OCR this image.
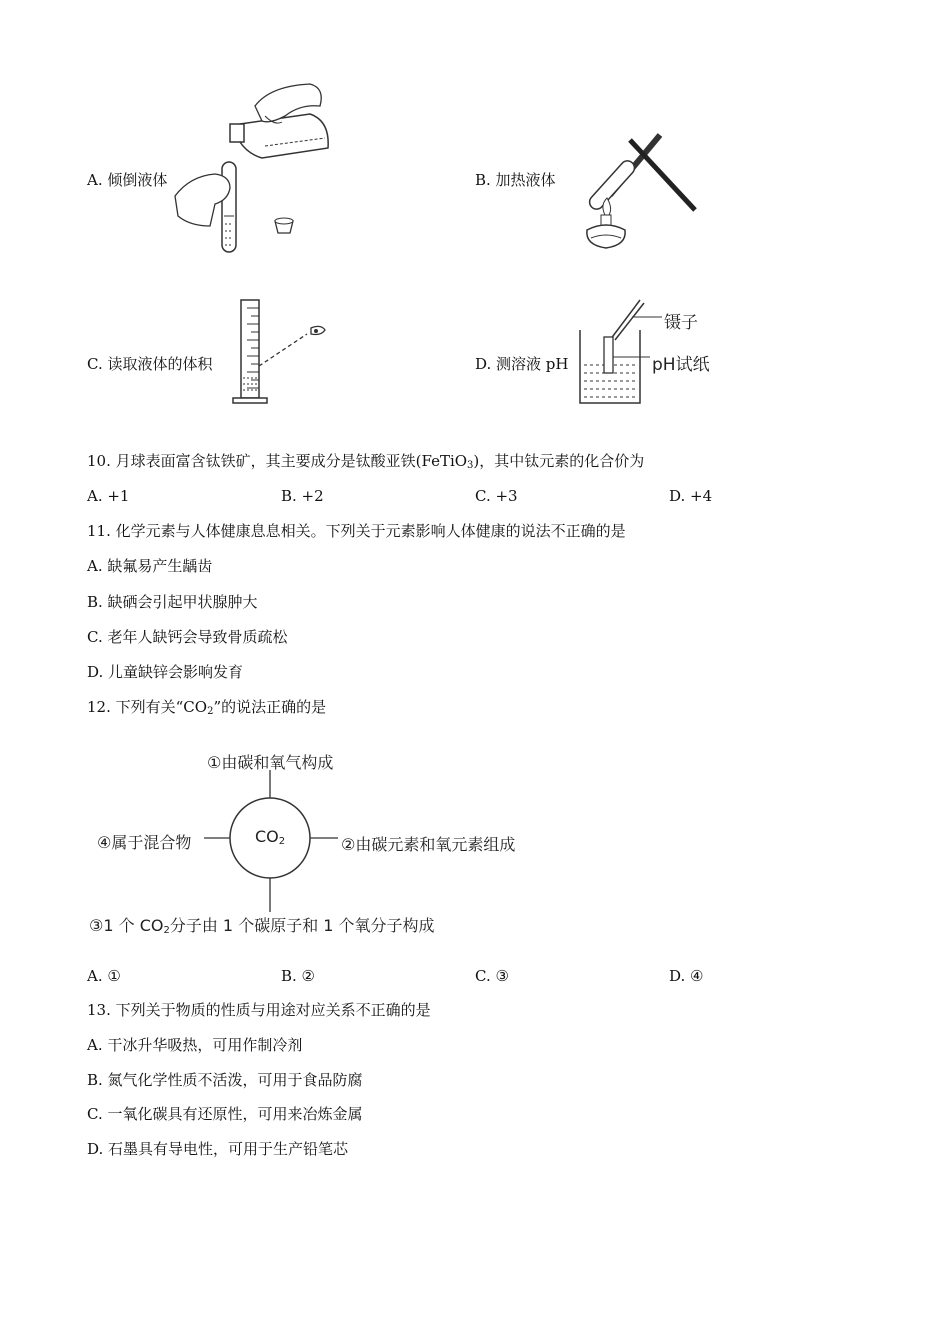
A. 倾倒液体	B. 加热液体
C. 读取液体的体积	D. 测溶液 pH
镊子
pH试纸
10. 月球表面富含钛铁矿，其主要成分是钛酸亚铁(FeTiO$_3$)，其中钛元素的化合价为
A. +1	B. +2	C. +3	D. +4
11. 化学元素与人体健康息息相关。下列关于元素影响人体健康的说法不正确的是
A. 缺氟易产生龋齿
B. 缺硒会引起甲状腺肿大
C. 老年人缺钙会导致骨质疏松
D. 儿童缺锌会影响发育
12. 下列有关“$CO_2$”的说法正确的是
$CO_2$
①由碳和氧气构成
②由碳元素和氧元素组成
④属于混合物
③1 个 $CO_2$分子由 1 个碳原子和 1 个氧分子构成
A. ①	B. ②	C. ③	D. ④
13. 下列关于物质的性质与用途对应关系不正确的是
A. 干冰升华吸热，可用作制冷剂
B. 氮气化学性质不活泼，可用于食品防腐
C. 一氧化碳具有还原性，可用来冶炼金属
D. 石墨具有导电性，可用于生产铅笔芯
